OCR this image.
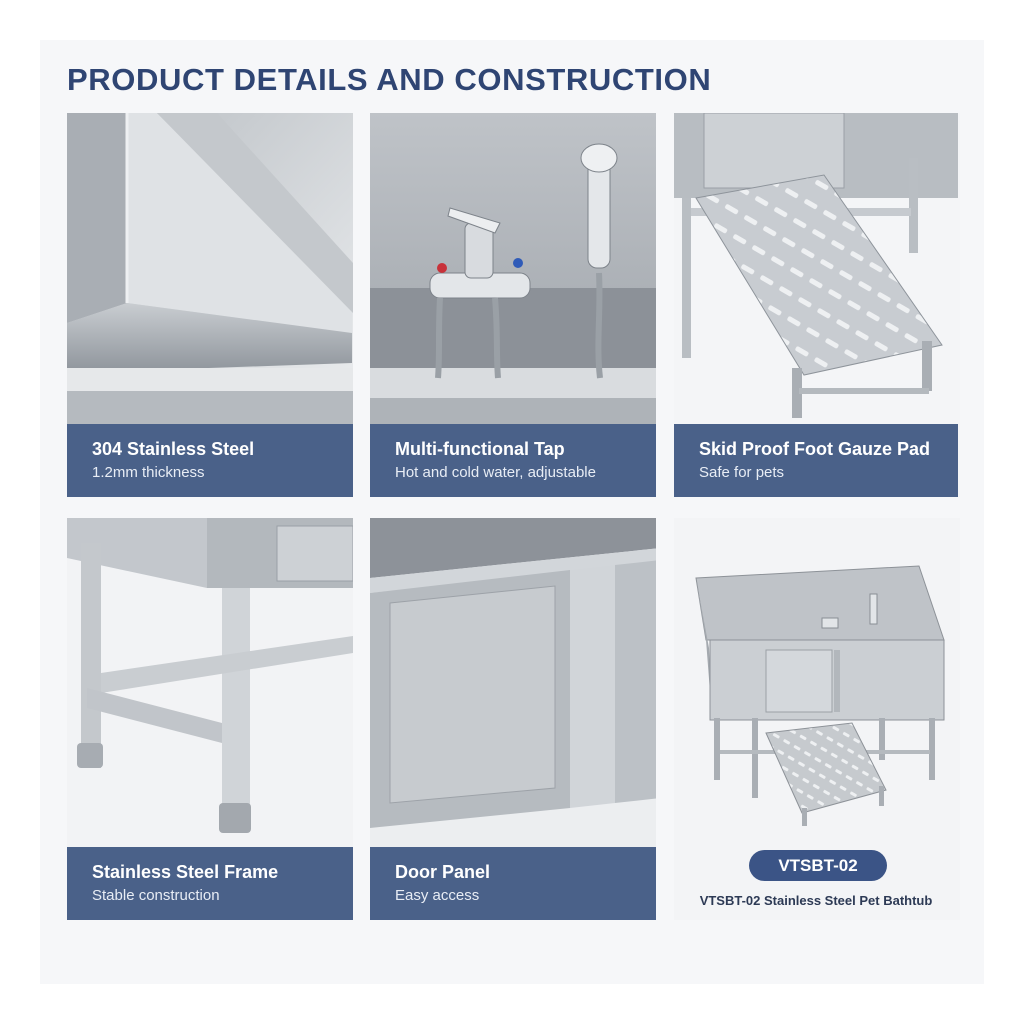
PRODUCT DETAILS AND CONSTRUCTION
304 Stainless Steel
1.2mm thickness
Multi-functional Tap
Hot and cold water, adjustable
Skid Proof Foot Gauze Pad
Safe for pets
Stainless Steel Frame
Stable construction
Door Panel
Easy access
VTSBT-02
VTSBT-02 Stainless Steel Pet Bathtub
